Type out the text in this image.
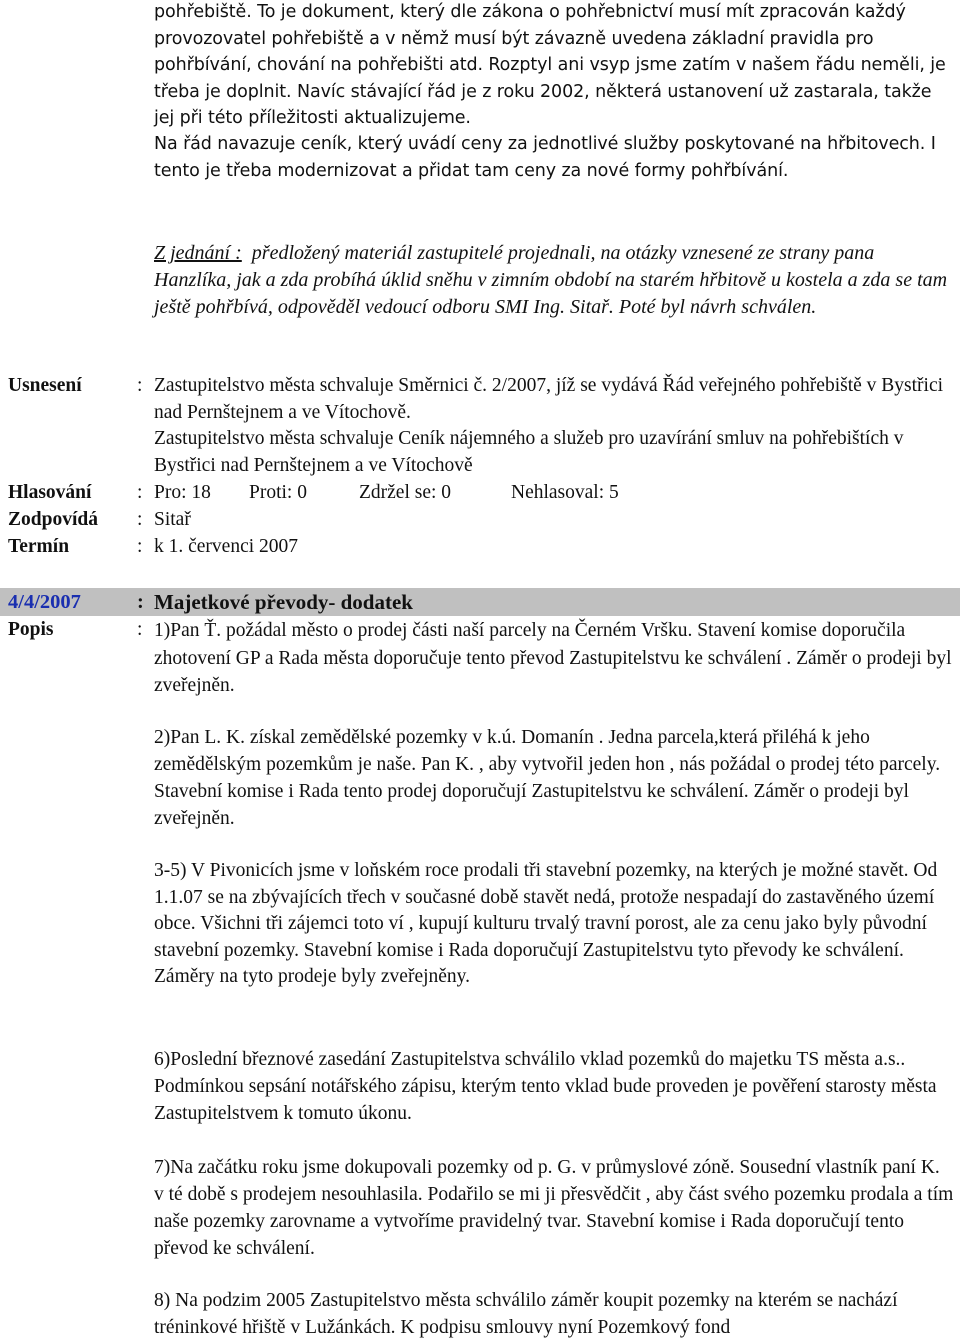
pohřebiště. To je dokument, který dle zákona o pohřebnictví musí mít zpracován každý provozovatel pohřebiště a v němž musí být závazně uvedena základní pravidla pro pohřbívání, chování na pohřebišti atd. Rozptyl ani vsyp jsme zatím v našem řádu neměli, je třeba je doplnit. Navíc stávající řád je z roku 2002, některá ustanovení už zastarala, takže jej při této příležitosti aktualizujeme.

Na řád navazuje ceník, který uvádí ceny za jednotlivé služby poskytované na hřbitovech. I tento je třeba modernizovat a přidat tam ceny za nové formy pohřbívání.

Z jednání : předložený materiál zastupitelé projednali, na otázky vznesené ze strany pana Hanzlíka, jak a zda probíhá úklid sněhu v zimním období na starém hřbitově u kostela a zda se tam ještě pohřbívá, odpověděl vedoucí odboru SMI Ing. Sitař. Poté byl návrh schválen.

Usnesení	: Zastupitelstvo města schvaluje Směrnici č. 2/2007, jíž se vydává Řád veřejného pohřebiště v Bystřici nad Pernštejnem a ve Vítochově.

Zastupitelstvo města schvaluje Ceník nájemného a služeb pro uzavírání smluv na pohřebištích v Bystřici nad Pernštejnem a ve Vítochově

Hlasování : Pro: 18 Proti: 0	Zdržel se: 0	Nehlasoval: 5
Zodpovídá : Sitař
Termín	: k 1. červenci 2007
4/4/2007	: Majetkové převody- dodatek
Popis	: 1)Pan Ť. požádal město o prodej části naší parcely na Černém Vršku. Stavení komise doporučila zhotovení GP a Rada města doporučuje tento převod Zastupitelstvu ke schválení . Záměr o prodeji byl zveřejněn.

2)Pan L. K. získal zemědělské pozemky v k.ú. Domanín . Jedna parcela,která přiléhá k jeho zemědělským pozemkům je naše. Pan K. , aby vytvořil jeden hon , nás požádal o prodej této parcely. Stavební komise i Rada tento prodej doporučují Zastupitelstvu ke schválení. Záměr o prodeji byl zveřejněn.

3-5) V Pivonicích jsme v loňském roce prodali tři stavební pozemky, na kterých je možné stavět. Od 1.1.07 se na zbývajících třech v současné době stavět nedá, protože nespadají do zastavěného území obce. Všichni tři zájemci toto ví , kupují kulturu trvalý travní porost, ale za cenu jako byly původní stavební pozemky. Stavební komise i Rada doporučují Zastupitelstvu tyto převody ke schválení. Záměry na tyto prodeje byly zveřejněny.

6)Poslední březnové zasedání Zastupitelstva schválilo vklad pozemků do majetku TS města a.s.. Podmínkou sepsání notářského zápisu, kterým tento vklad bude proveden je pověření starosty města Zastupitelstvem k tomuto úkonu.

7)Na začátku roku jsme dokupovali pozemky od p. G. v průmyslové zóně. Sousední vlastník paní K. v té době s prodejem nesouhlasila. Podařilo se mi ji přesvědčit , aby část svého pozemku prodala a tím naše pozemky zarovname a vytvoříme pravidelný tvar. Stavební komise i Rada doporučují tento převod ke schválení.

8) Na podzim 2005 Zastupitelstvo města schválilo záměr koupit pozemky na kterém se nachází tréninkové hřiště v Lužánkách. K podpisu smlouvy nyní Pozemkový fond
